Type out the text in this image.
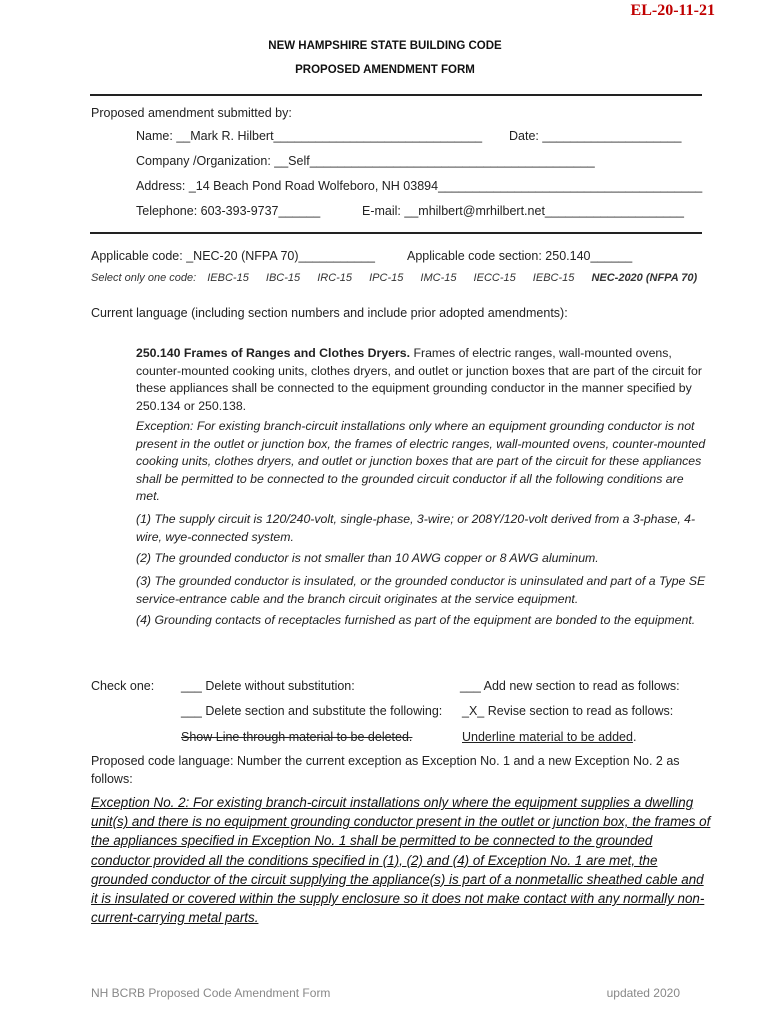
EL-20-11-21
NEW HAMPSHIRE STATE BUILDING CODE
PROPOSED AMENDMENT FORM
Proposed amendment submitted by:
Name: __Mark R. Hilbert______________________________ Date: ____________________
Company /Organization: __Self_________________________________________
Address: _14 Beach Pond Road Wolfeboro, NH 03894______________________________________
Telephone: 603-393-9737______	E-mail: __mhilbert@mrhilbert.net____________________
Applicable code: _NEC-20 (NFPA 70)___________	Applicable code section: 250.140______
Select only one code: IEBC-15 IBC-15 IRC-15 IPC-15 IMC-15 IECC-15 IEBC-15 NEC-2020 (NFPA 70)
Current language (including section numbers and include prior adopted amendments):
250.140 Frames of Ranges and Clothes Dryers. Frames of electric ranges, wall-mounted ovens, counter-mounted cooking units, clothes dryers, and outlet or junction boxes that are part of the circuit for these appliances shall be connected to the equipment grounding conductor in the manner specified by 250.134 or 250.138.
Exception: For existing branch-circuit installations only where an equipment grounding conductor is not present in the outlet or junction box, the frames of electric ranges, wall-mounted ovens, counter-mounted cooking units, clothes dryers, and outlet or junction boxes that are part of the circuit for these appliances shall be permitted to be connected to the grounded circuit conductor if all the following conditions are met.
(1) The supply circuit is 120/240-volt, single-phase, 3-wire; or 208Y/120-volt derived from a 3-phase, 4-wire, wye-connected system.
(2) The grounded conductor is not smaller than 10 AWG copper or 8 AWG aluminum.
(3) The grounded conductor is insulated, or the grounded conductor is uninsulated and part of a Type SE service-entrance cable and the branch circuit originates at the service equipment.
(4) Grounding contacts of receptacles furnished as part of the equipment are bonded to the equipment.
Check one: ___ Delete without substitution:	___ Add new section to read as follows:
___ Delete section and substitute the following: _X_ Revise section to read as follows:
Show Line through material to be deleted.	Underline material to be added.
Proposed code language: Number the current exception as Exception No. 1 and a new Exception No. 2 as follows:
Exception No. 2: For existing branch-circuit installations only where the equipment supplies a dwelling unit(s) and there is no equipment grounding conductor present in the outlet or junction box, the frames of the appliances specified in Exception No. 1 shall be permitted to be connected to the grounded conductor provided all the conditions specified in (1), (2) and (4) of Exception No. 1 are met, the grounded conductor of the circuit supplying the appliance(s) is part of a nonmetallic sheathed cable and it is insulated or covered within the supply enclosure so it does not make contact with any normally non-current-carrying metal parts.
NH BCRB Proposed Code Amendment Form	updated 2020
